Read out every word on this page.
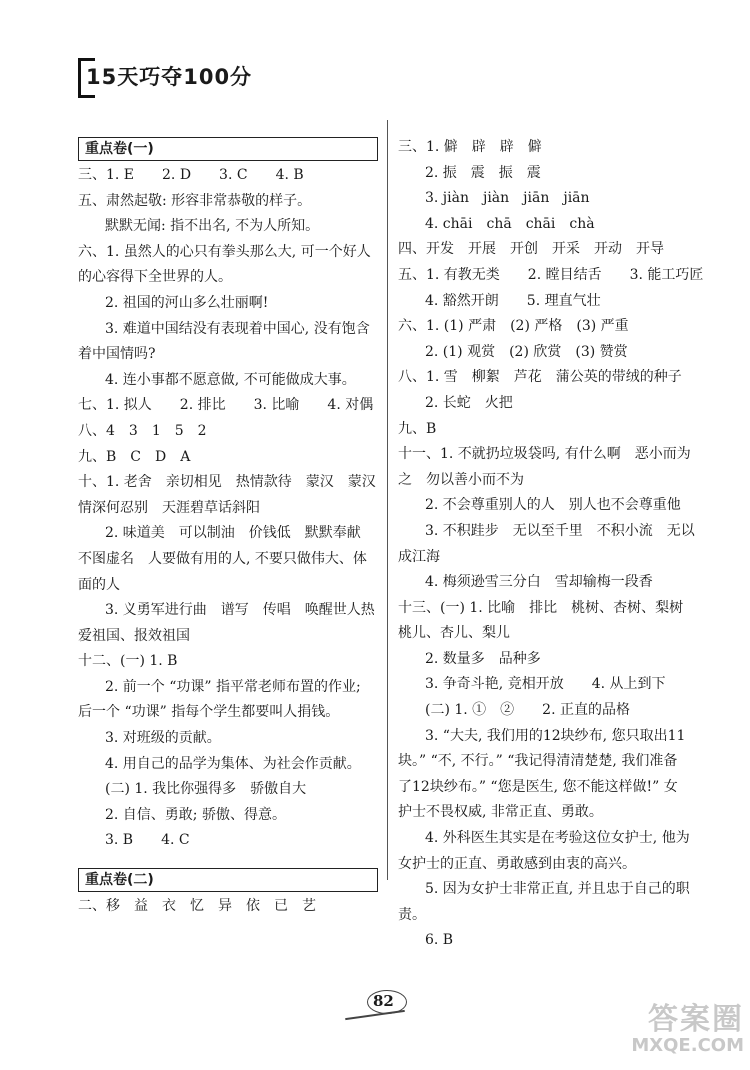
15天巧夺100分
重点卷(一)
三、1. E　　2. D　　3. C　　4. B
五、肃然起敬: 形容非常恭敬的样子。
默默无闻: 指不出名, 不为人所知。
六、1. 虽然人的心只有拳头那么大, 可一个好人
的心容得下全世界的人。
2. 祖国的河山多么壮丽啊!
3. 难道中国结没有表现着中国心, 没有饱含
着中国情吗?
4. 连小事都不愿意做, 不可能做成大事。
七、1. 拟人　　2. 排比　　3. 比喻　　4. 对偶
八、4　3　1　5　2
九、B　C　D　A
十、1. 老舍　亲切相见　热情款待　蒙汉　蒙汉
情深何忍别　天涯碧草话斜阳
2. 味道美　可以制油　价钱低　默默奉献　
不图虚名　人要做有用的人, 不要只做伟大、体
面的人
3. 义勇军进行曲　谱写　传唱　唤醒世人热
爱祖国、报效祖国
十二、(一) 1. B
2. 前一个 “功课” 指平常老师布置的作业;
后一个 “功课” 指每个学生都要叫人捐钱。
3. 对班级的贡献。
4. 用自己的品学为集体、为社会作贡献。
(二) 1. 我比你强得多　骄傲自大
2. 自信、勇敢; 骄傲、得意。
3. B　　4. C
重点卷(二)
二、移　益　衣　忆　异　依　已　艺
三、1. 僻　辟　辟　僻
2. 振　震　振　震
3. jiàn　jiàn　jiān　jiān
4. chāi　chā　chāi　chà
四、开发　开展　开创　开采　开动　开导
五、1. 有教无类　　2. 瞠目结舌　　3. 能工巧匠
4. 豁然开朗　　5. 理直气壮
六、1. (1) 严肃　(2) 严格　(3) 严重
2. (1) 观赏　(2) 欣赏　(3) 赞赏
八、1. 雪　柳絮　芦花　蒲公英的带绒的种子
2. 长蛇　火把
九、B
十一、1. 不就扔垃圾袋吗, 有什么啊　恶小而为
之　勿以善小而不为
2. 不会尊重别人的人　别人也不会尊重他
3. 不积跬步　无以至千里　不积小流　无以
成江海
4. 梅须逊雪三分白　雪却输梅一段香
十三、(一) 1. 比喻　排比　桃树、杏树、梨树
桃儿、杏儿、梨儿
2. 数量多　品种多
3. 争奇斗艳, 竞相开放　　4. 从上到下
(二) 1. ①　②　　2. 正直的品格
3. “大夫, 我们用的12块纱布, 您只取出11
块。” “不, 不行。” “我记得清清楚楚, 我们准备
了12块纱布。” “您是医生, 您不能这样做!” 女
护士不畏权威, 非常正直、勇敢。
4. 外科医生其实是在考验这位女护士, 他为
女护士的正直、勇敢感到由衷的高兴。
5. 因为女护士非常正直, 并且忠于自己的职
责。
6. B
82
答案圈
MXQE.COM
